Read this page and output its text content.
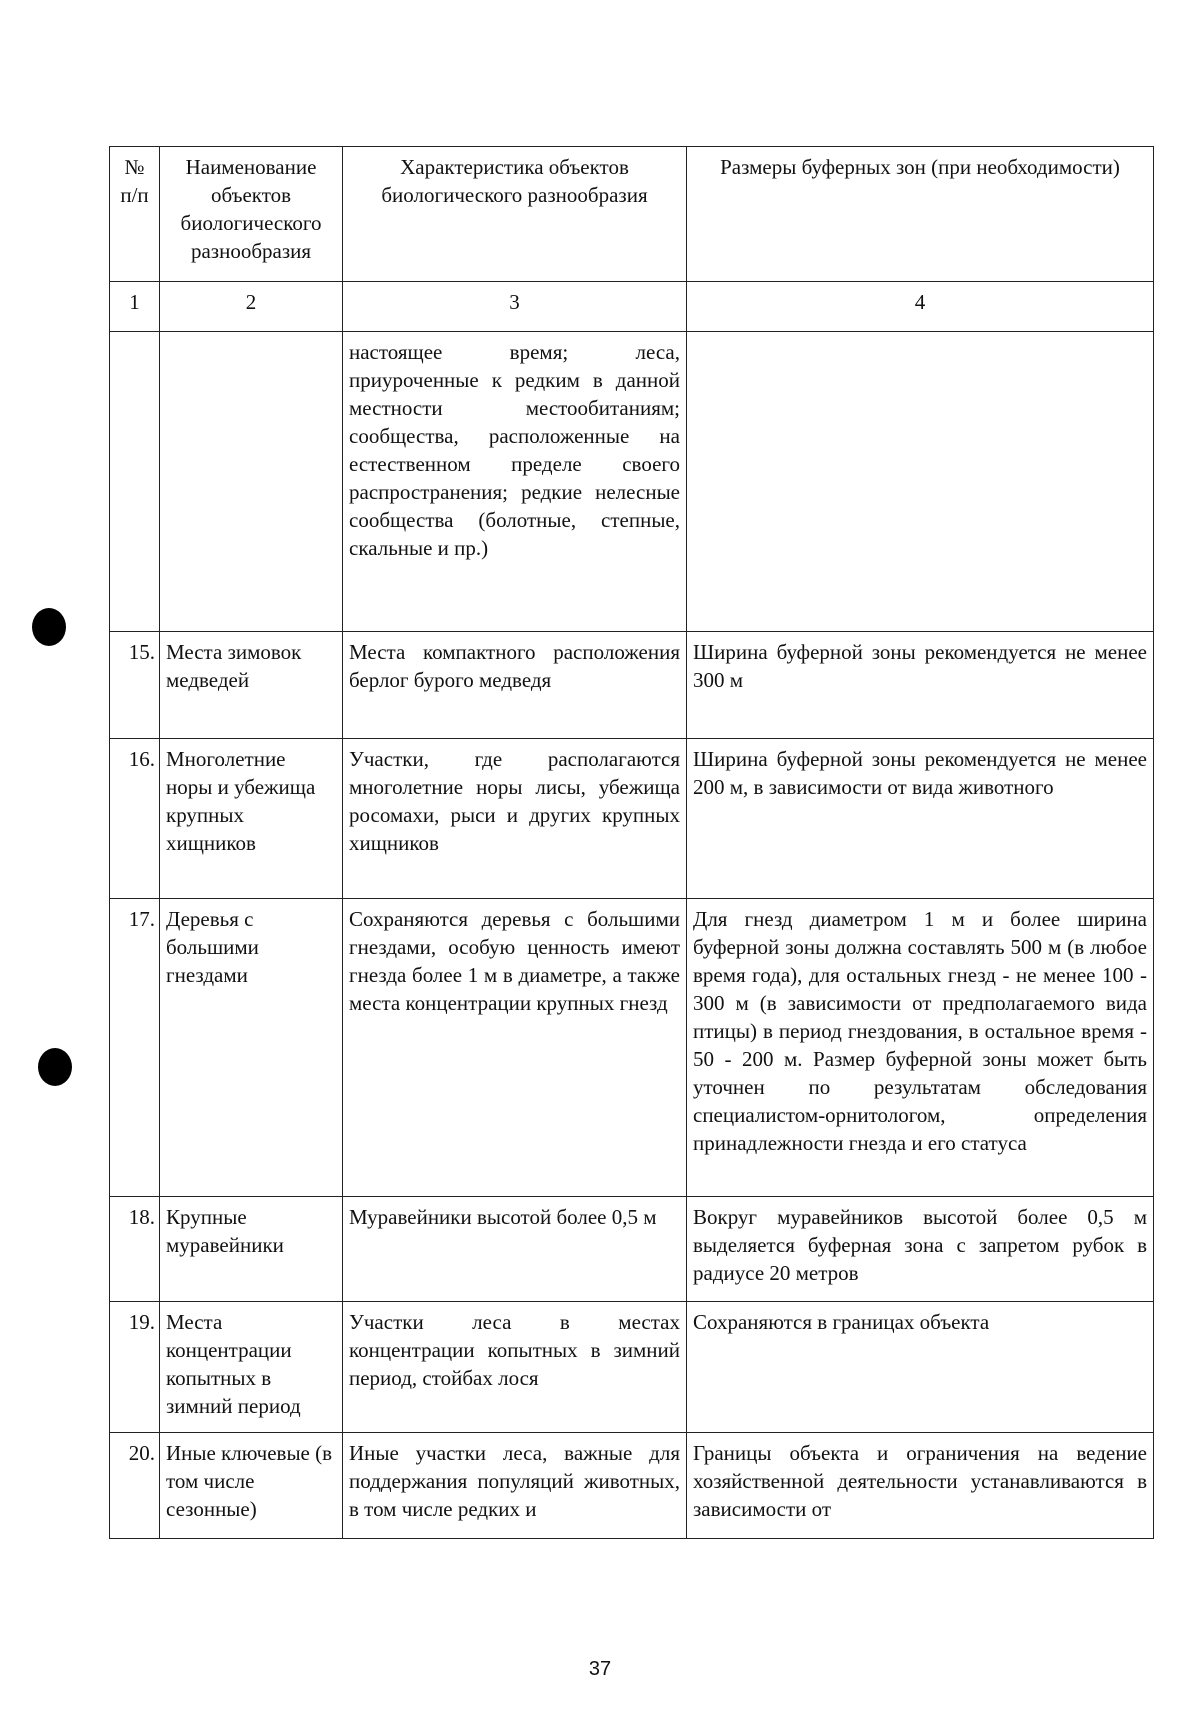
№ п/п	Наименование объектов биологического разнообразия	Характеристика объектов биологического разнообразия	Размеры буферных зон (при необходимости)
1	2	3	4
		настоящее время; леса, приуроченные к редким в данной местности местообитаниям; сообщества, расположенные на естественном пределе своего распространения; редкие нелесные сообщества (болотные, степные, скальные и пр.)	
15.	Места зимовок медведей	Места компактного расположения берлог бурого медведя	Ширина буферной зоны рекомендуется не менее 300 м
16.	Многолетние норы и убежища крупных хищников	Участки, где располагаются многолетние норы лисы, убежища росомахи, рыси и других крупных хищников	Ширина буферной зоны рекомендуется не менее 200 м, в зависимости от вида животного
17.	Деревья с большими гнездами	Сохраняются деревья с большими гнездами, особую ценность имеют гнезда более 1 м в диаметре, а также места концентрации крупных гнезд	Для гнезд диаметром 1 м и более ширина буферной зоны должна составлять 500 м (в любое время года), для остальных гнезд - не менее 100 - 300 м (в зависимости от предполагаемого вида птицы) в период гнездования, в остальное время - 50 - 200 м. Размер буферной зоны может быть уточнен по результатам обследования специалистом-орнитологом, определения принадлежности гнезда и его статуса
18.	Крупные муравейники	Муравейники высотой более 0,5 м	Вокруг муравейников высотой более 0,5 м выделяется буферная зона с запретом рубок в радиусе 20 метров
19.	Места концентрации копытных в зимний период	Участки леса в местах концентрации копытных в зимний период, стойбах лося	Сохраняются в границах объекта
20.	Иные ключевые (в том числе сезонные)	Иные участки леса, важные для поддержания популяций животных, в том числе редких и	Границы объекта и ограничения на ведение хозяйственной деятельности устанавливаются в зависимости от
37
